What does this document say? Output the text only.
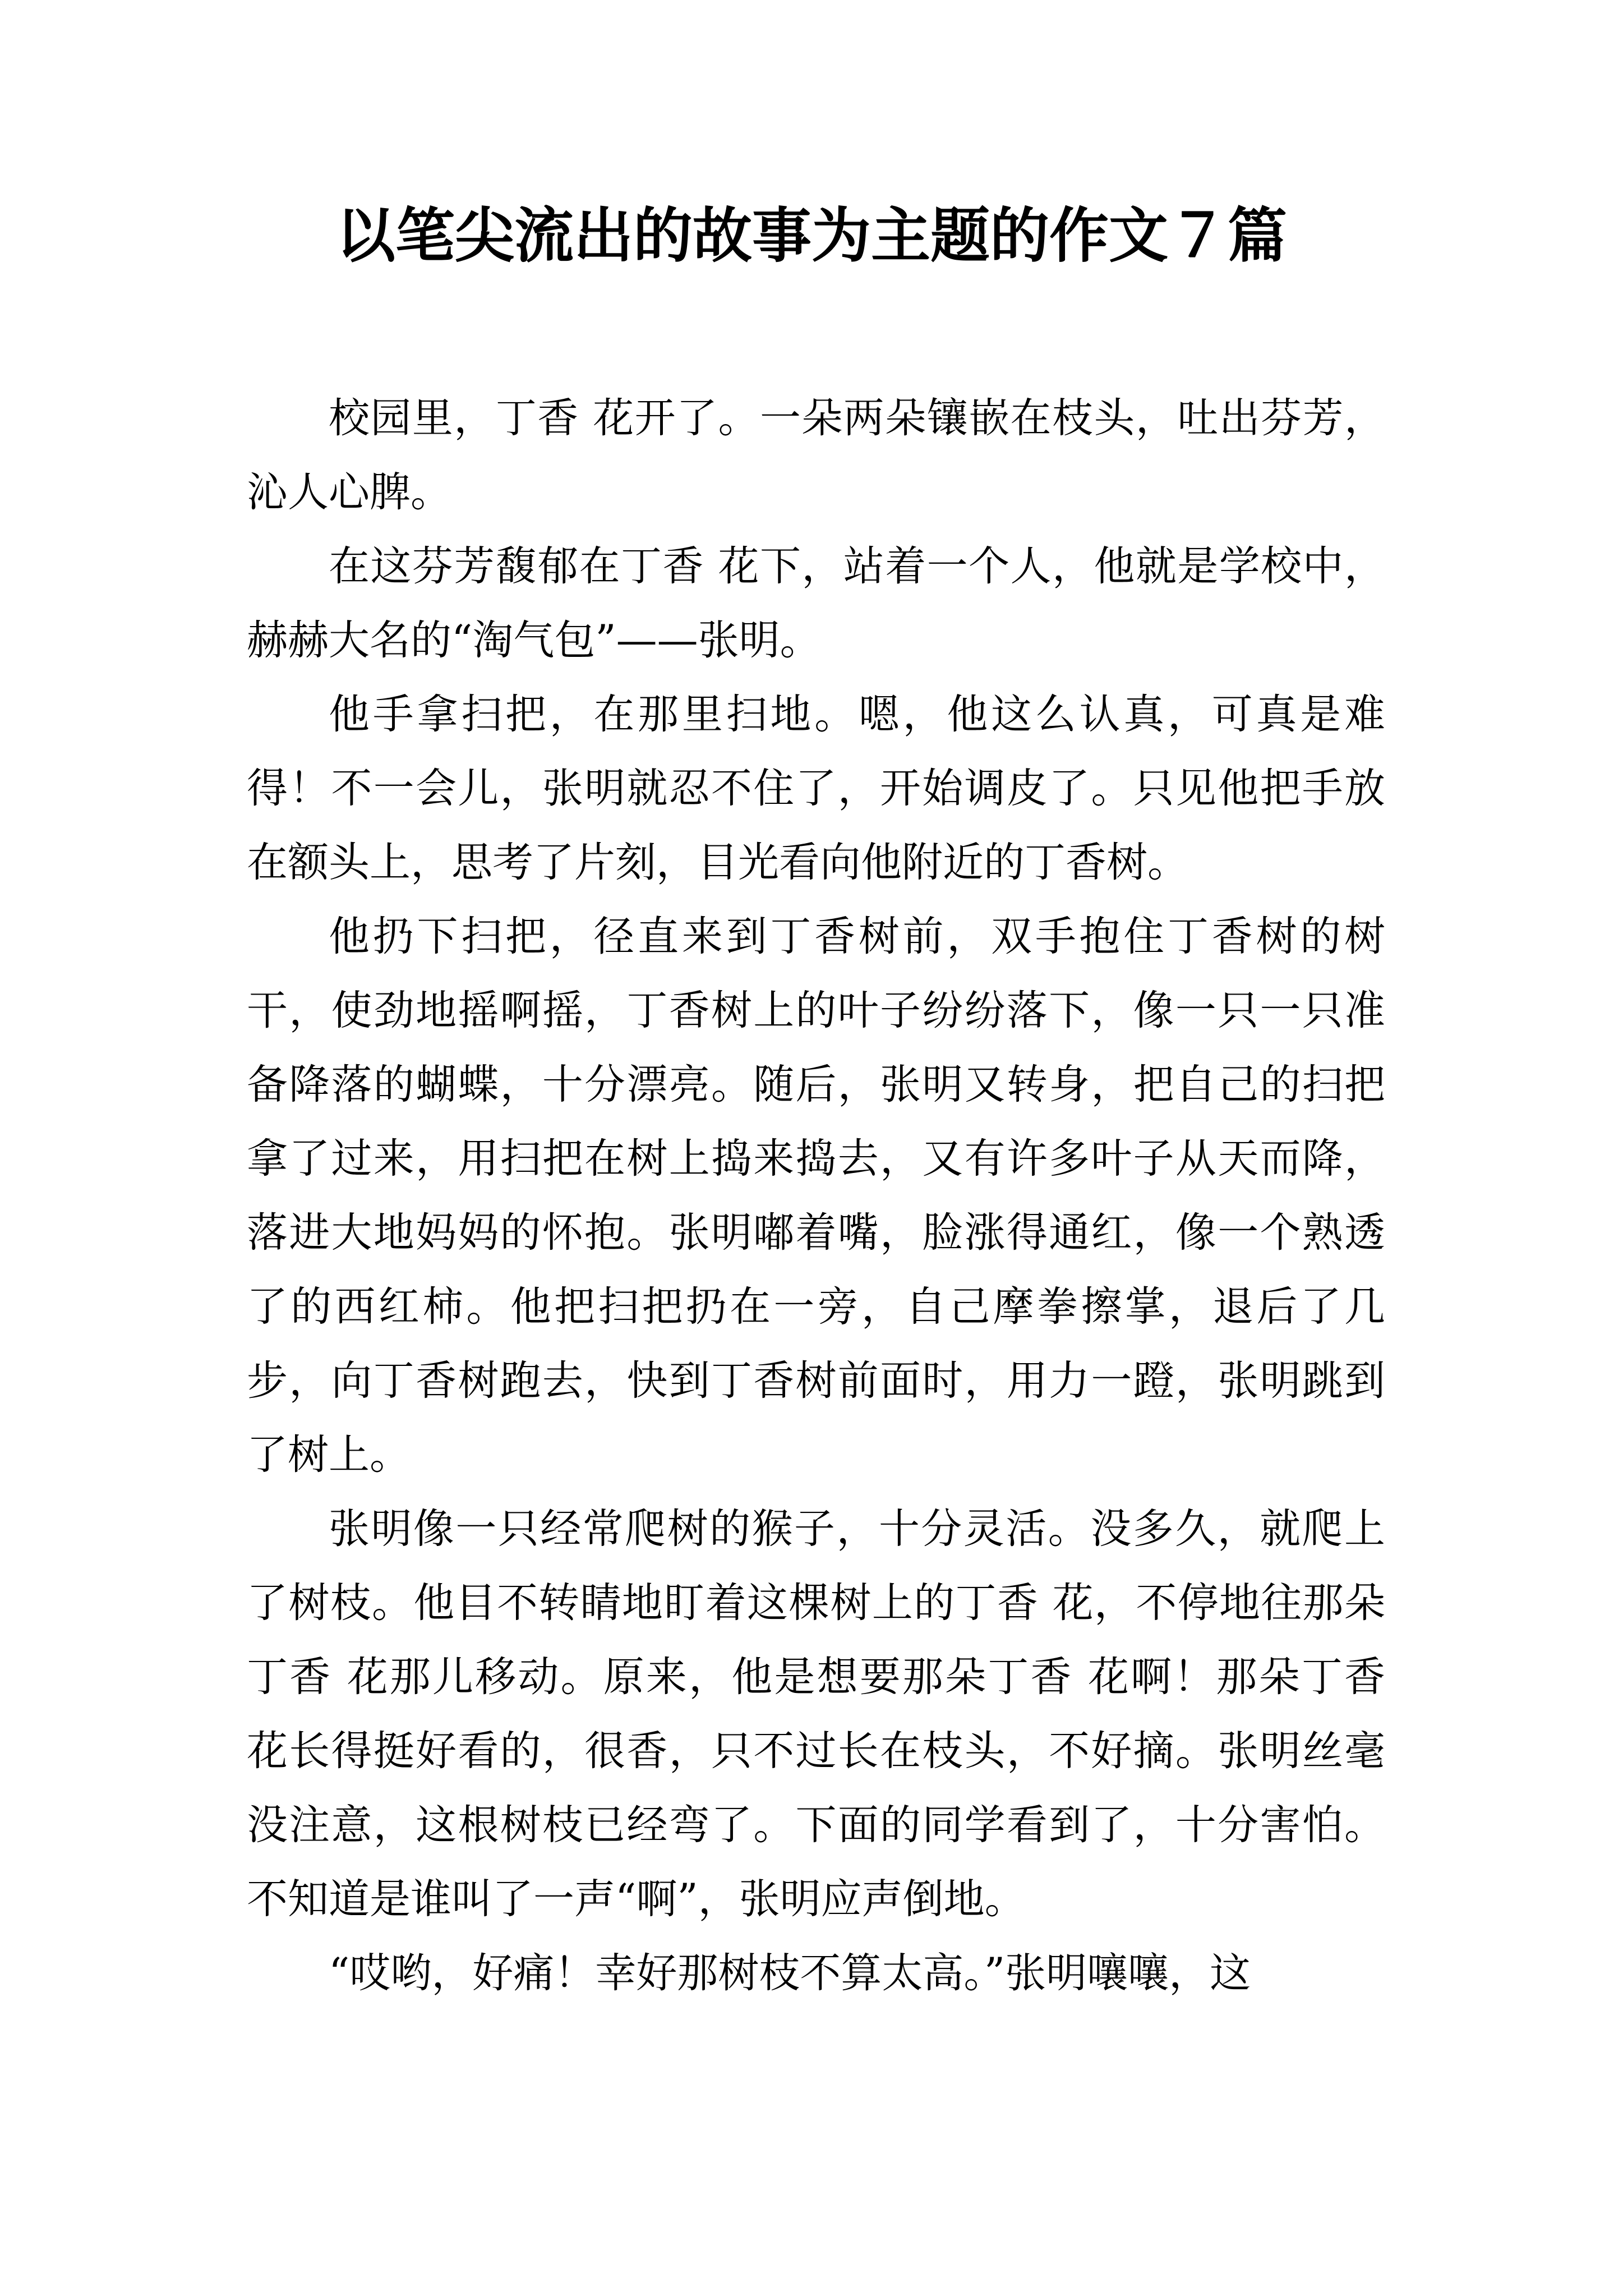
以笔尖流出的故事为主题的作文７篇

校园里，丁香 花开了。一朵两朵镶嵌在枝头，吐出芬芳，沁人心脾。

在这芬芳馥郁在丁香 花下，站着一个人，他就是学校中，赫赫大名的“淘气包”——张明。

他手拿扫把，在那里扫地。嗯，他这么认真，可真是难得！不一会儿，张明就忍不住了，开始调皮了。只见他把手放在额头上，思考了片刻，目光看向他附近的丁香树。

他扔下扫把，径直来到丁香树前，双手抱住丁香树的树干，使劲地摇啊摇，丁香树上的叶子纷纷落下，像一只一只准备降落的蝴蝶，十分漂亮。随后，张明又转身，把自己的扫把拿了过来，用扫把在树上捣来捣去，又有许多叶子从天而降，落进大地妈妈的怀抱。张明嘟着嘴，脸涨得通红，像一个熟透了的西红柿。他把扫把扔在一旁，自己摩拳擦掌，退后了几步，向丁香树跑去，快到丁香树前面时，用力一蹬，张明跳到了树上。

张明像一只经常爬树的猴子，十分灵活。没多久，就爬上了树枝。他目不转睛地盯着这棵树上的丁香 花，不停地往那朵丁香 花那儿移动。原来，他是想要那朵丁香 花啊！那朵丁香 花长得挺好看的，很香，只不过长在枝头，不好摘。张明丝毫没注意，这根树枝已经弯了。下面的同学看到了，十分害怕。不知道是谁叫了一声“啊”，张明应声倒地。

“哎哟，好痛！幸好那树枝不算太高。”张明嚷嚷，这
